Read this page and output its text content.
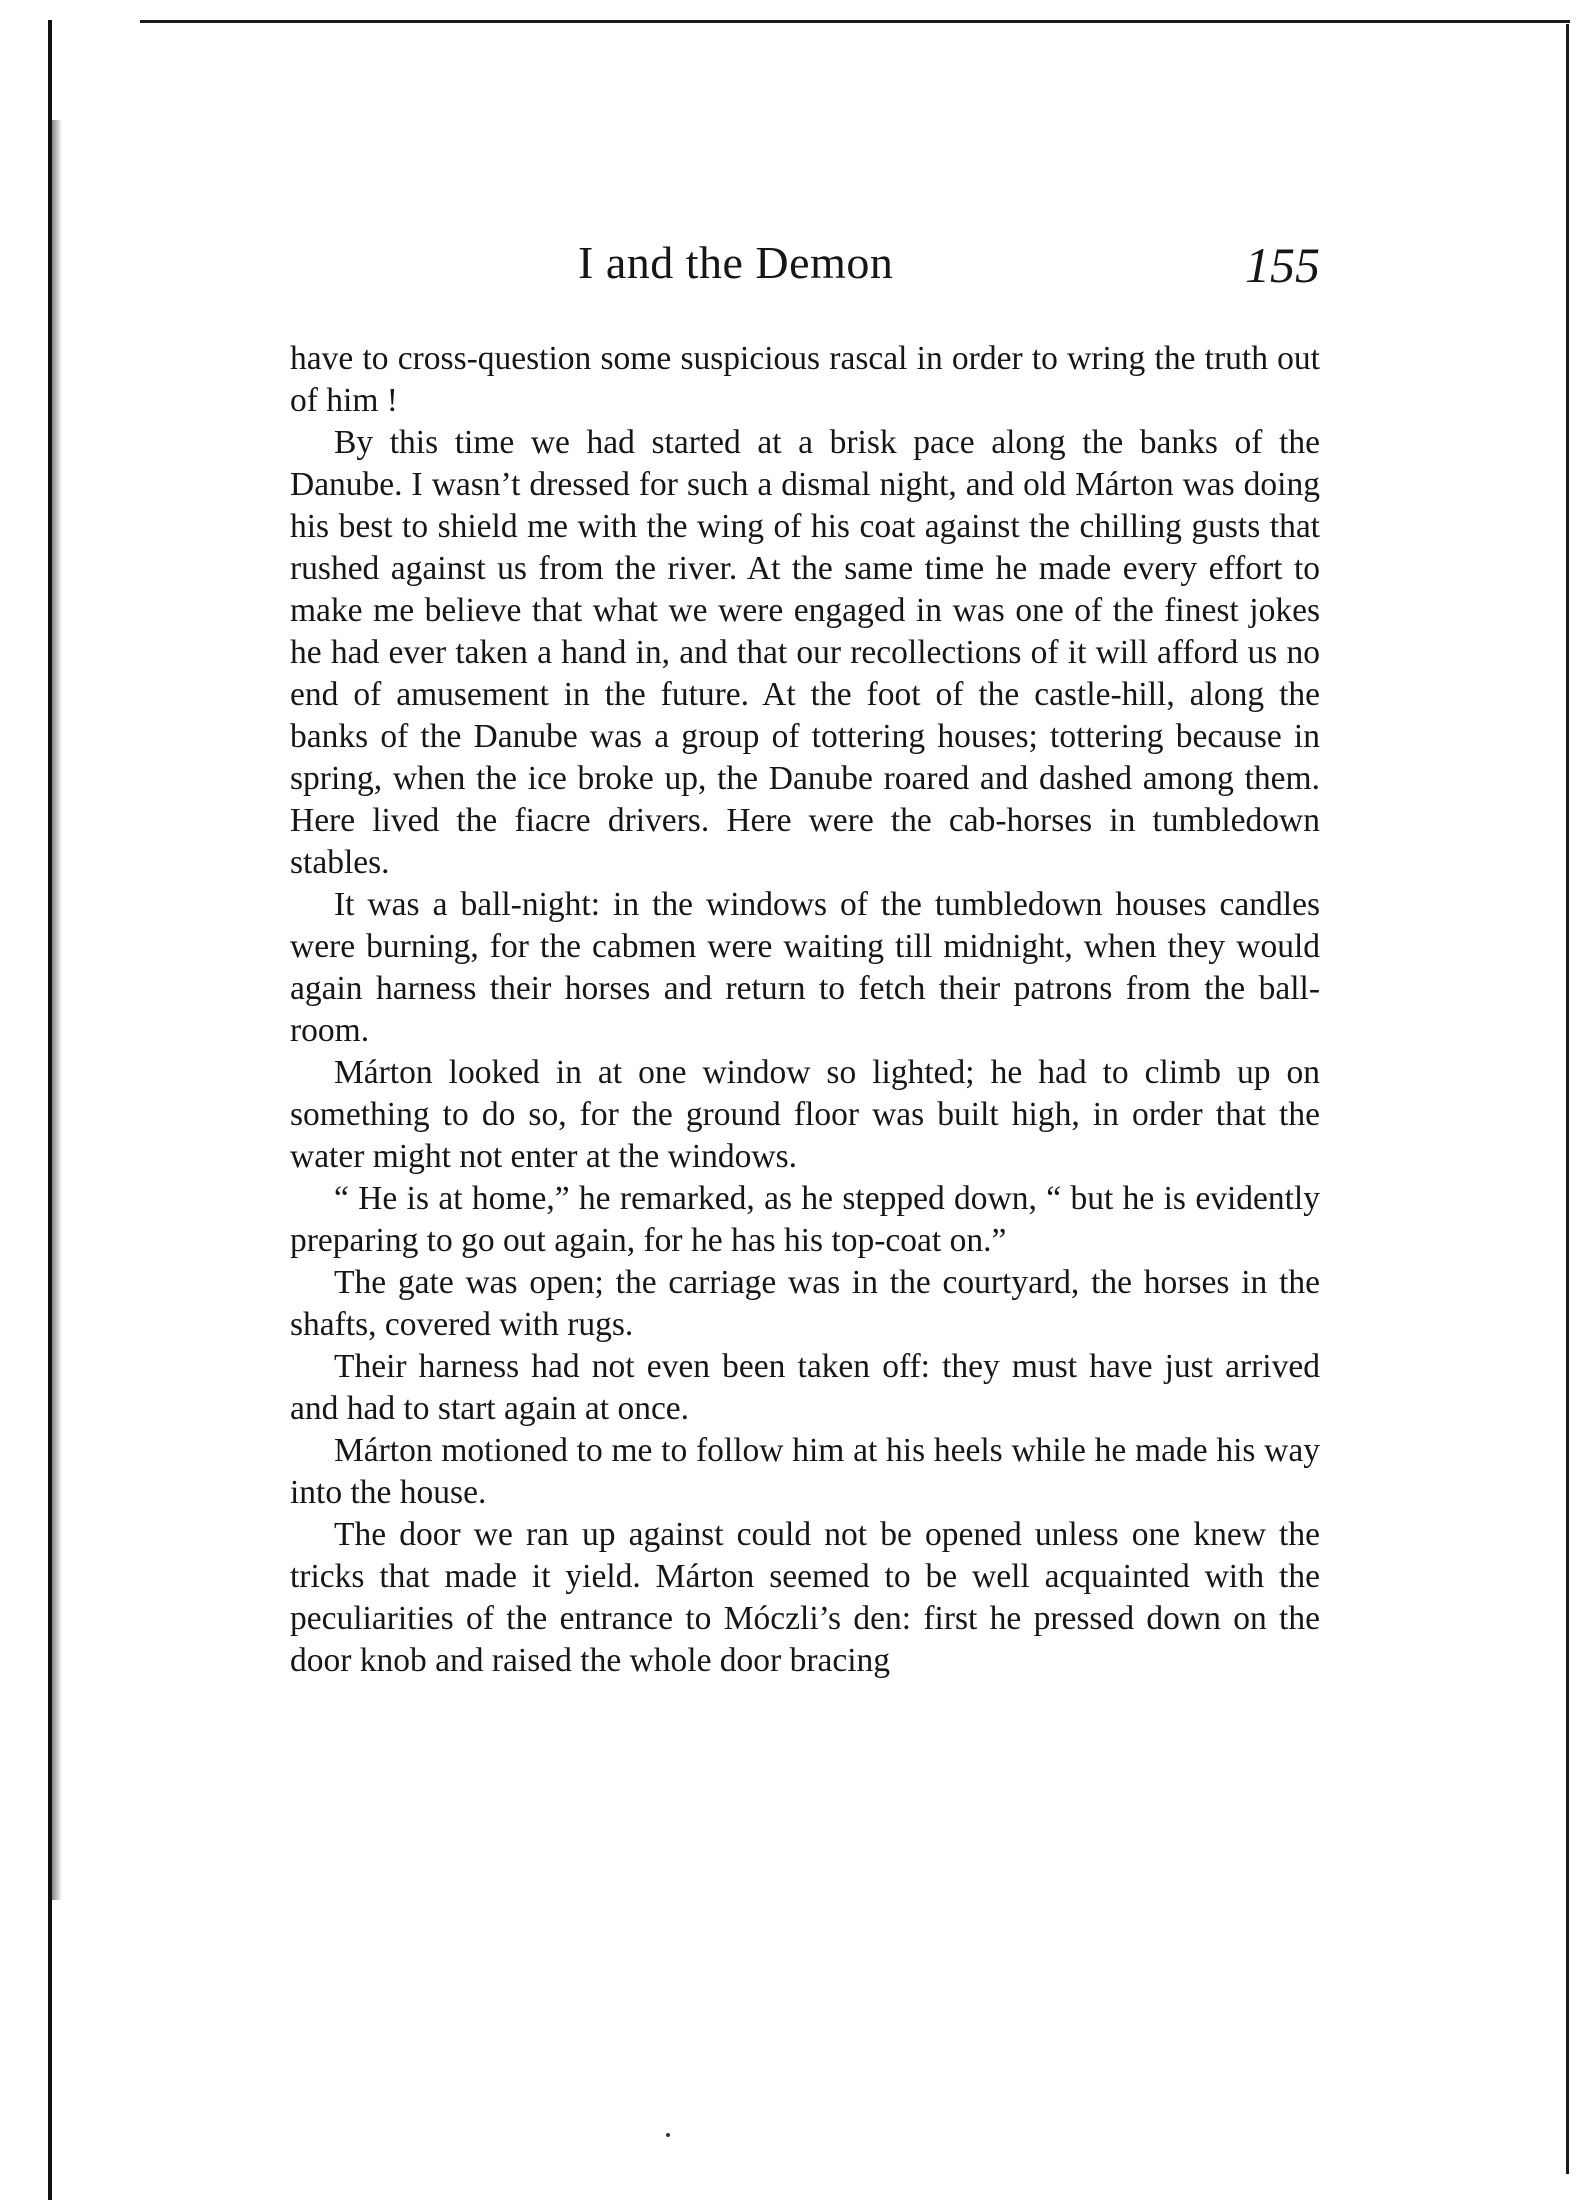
I and the Demon	155

have to cross-question some suspicious rascal in order to wring the truth out of him !

By this time we had started at a brisk pace along the banks of the Danube. I wasn’t dressed for such a dismal night, and old Márton was doing his best to shield me with the wing of his coat against the chilling gusts that rushed against us from the river. At the same time he made every effort to make me believe that what we were engaged in was one of the finest jokes he had ever taken a hand in, and that our recollections of it will afford us no end of amusement in the future. At the foot of the castle-hill, along the banks of the Danube was a group of tottering houses; tottering because in spring, when the ice broke up, the Danube roared and dashed among them. Here lived the fiacre drivers. Here were the cab-horses in tumbledown stables.

It was a ball-night: in the windows of the tumbledown houses candles were burning, for the cabmen were waiting till midnight, when they would again harness their horses and return to fetch their patrons from the ball-room.

Márton looked in at one window so lighted; he had to climb up on something to do so, for the ground floor was built high, in order that the water might not enter at the windows.

“ He is at home,” he remarked, as he stepped down, “ but he is evidently preparing to go out again, for he has his top-coat on.”

The gate was open; the carriage was in the courtyard, the horses in the shafts, covered with rugs.

Their harness had not even been taken off: they must have just arrived and had to start again at once.

Márton motioned to me to follow him at his heels while he made his way into the house.

The door we ran up against could not be opened unless one knew the tricks that made it yield. Márton seemed to be well acquainted with the peculiarities of the entrance to Móczli’s den: first he pressed down on the door knob and raised the whole door bracing
